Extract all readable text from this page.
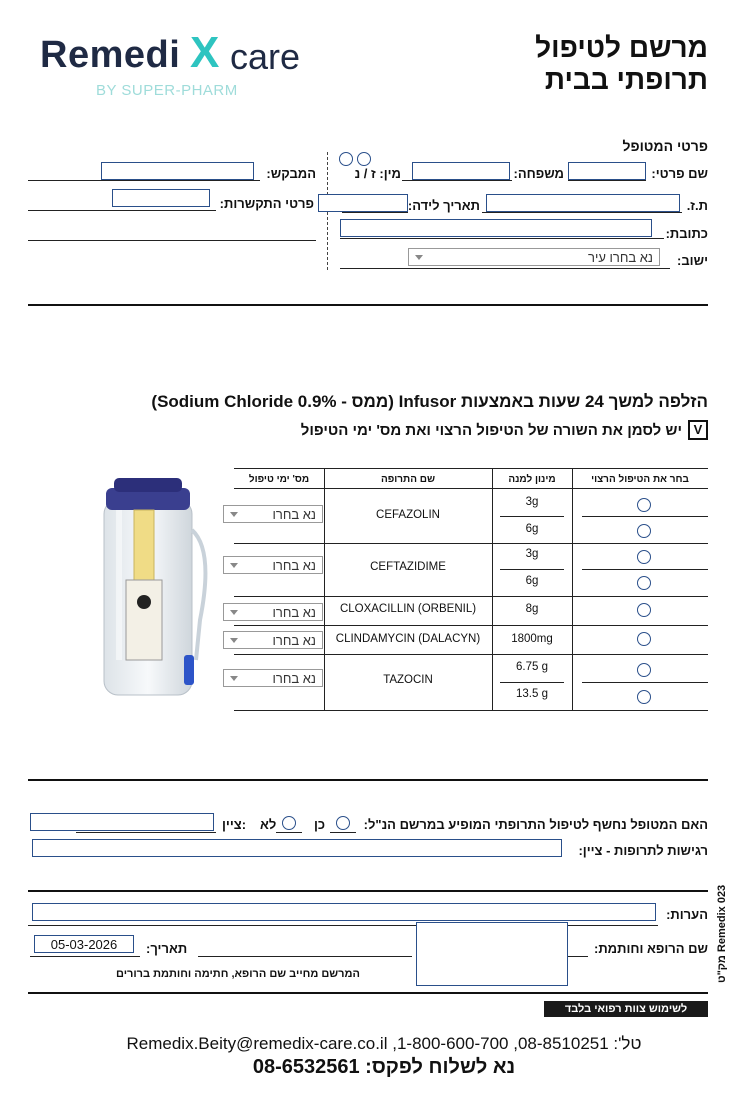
Remedi X care
BY SUPER-PHARM
מרשם לטיפול
תרופתי בבית
פרטי המטופל
שם פרטי:
משפחה:
מין: ז / נ
המבקש:
ת.ז.
תאריך לידה:
פרטי התקשרות:
כתובת:
ישוב:
נא בחרו עיר
הזלפה למשך 24 שעות באמצעות Infusor (ממס - Sodium Chloride 0.9%)
V
יש לסמן את השורה של הטיפול הרצוי ואת מס' ימי הטיפול
בחר את הטיפול הרצוי
מינון למנה
שם התרופה
מס' ימי טיפול
CEFAZOLIN
3g
6g
נא בחרו
CEFTAZIDIME
3g
6g
נא בחרו
CLOXACILLIN (ORBENIL)	8g
נא בחרו
CLINDAMYCIN (DALACYN)	1800mg
נא בחרו
TAZOCIN
6.75 g
13.5 g
נא בחרו
האם המטופל נחשף לטיפול התרופתי המופיע במרשם הנ"ל:
כן
לא
ציין:
רגישות לתרופות - ציין:
הערות:
שם הרופא וחותמת:
תאריך:
05-03-2026
המרשם מחייב שם הרופא, חתימה וחותמת ברורים
לשימוש צוות רפואי בלבד
מק"ט Remedix 023
טל': 08-8510251, 1-800-600-700, Remedix.Beity@remedix-care.co.il
נא לשלוח לפקס: 08-6532561
